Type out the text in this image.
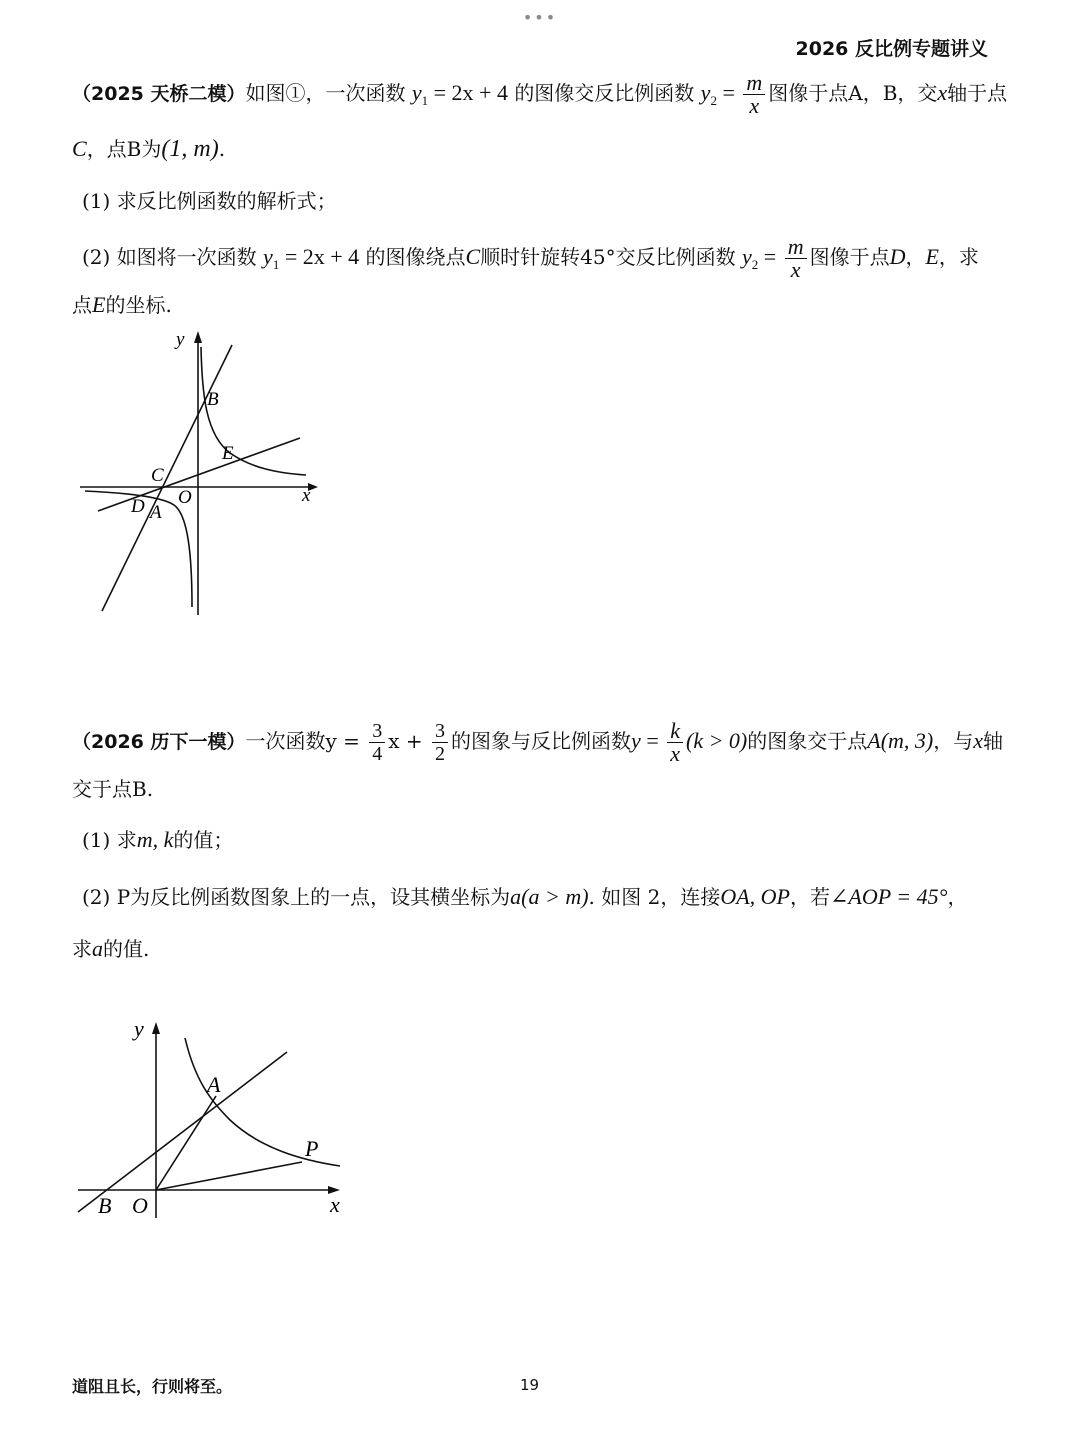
•••
2026 反比例专题讲义
（2025 天桥二模）如图①，一次函数 $y_1 = 2x + 4$ 的图像交反比例函数 $y_2 = \frac{m}{x}$ 图像于点A，B，交x轴于点
C，点B为(1, m).
(1) 求反比例函数的解析式；
(2) 如图将一次函数 $y_1 = 2x + 4$ 的图像绕点C顺时针旋转45°交反比例函数 $y_2 = \frac{m}{x}$ 图像于点D，E，求
点E的坐标.
y
x
O
B
E
C
D A
（2026 历下一模）一次函数$y = \frac{3}{4}$ $x + \frac{3}{2}$ 的图象与反比例函数$y = \frac{k}{x} (k > 0)$的图象交于点A(m, 3)，与x轴
交于点B.
(1) 求m, k的值；
(2) P为反比例函数图象上的一点，设其横坐标为a(a > m). 如图 2，连接OA, OP，若∠AOP = 45°，
求a的值.
y
x
O
B
A
P
道阻且长，行则将至。	19
